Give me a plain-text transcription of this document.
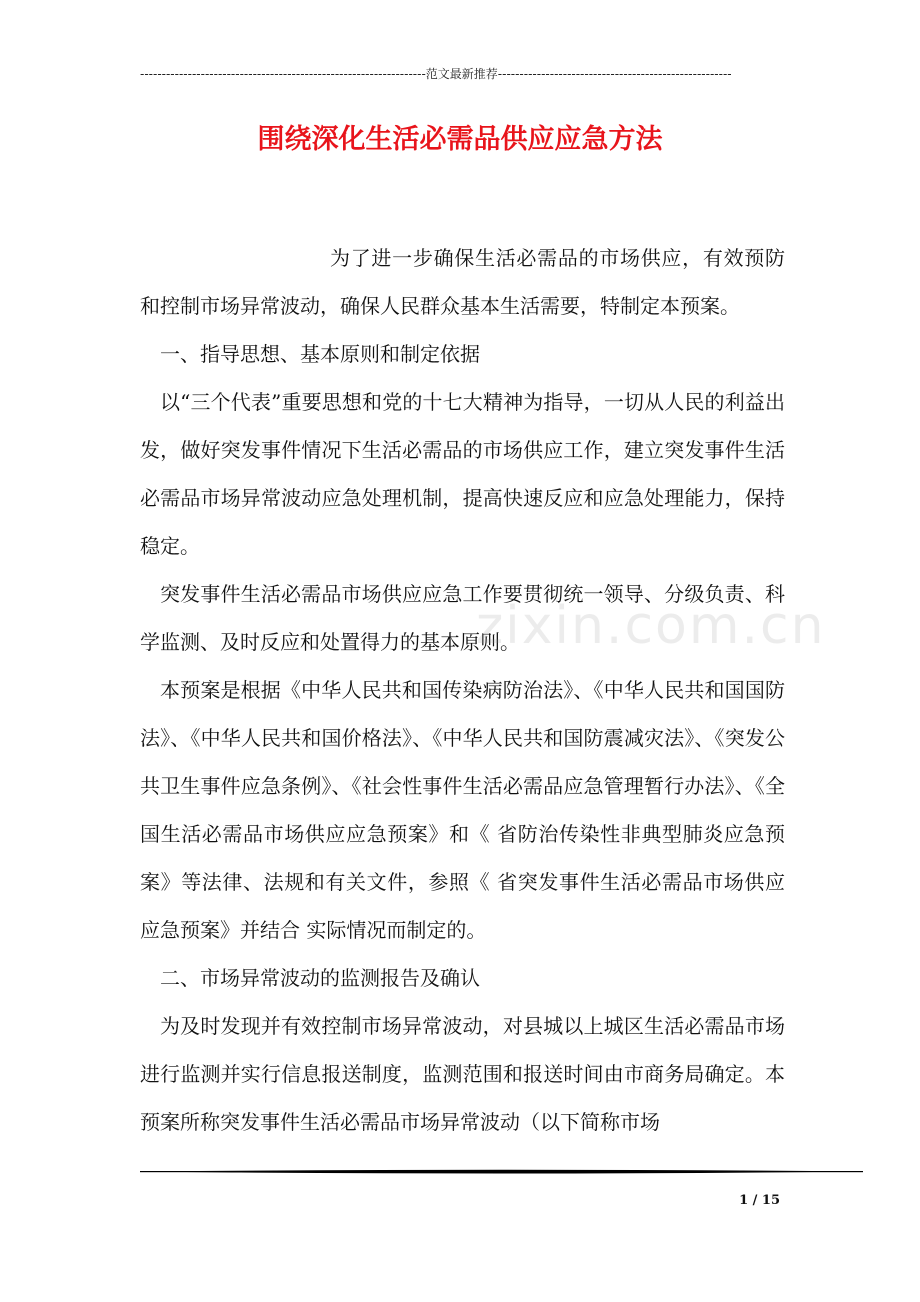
------------------------------------------------------------------范文最新推荐------------------------------------------------------
围绕深化生活必需品供应应急方法

为了进一步确保生活必需品的市场供应，有效预防和控制市场异常波动，确保人民群众基本生活需要，特制定本预案。

一、指导思想、基本原则和制定依据

以“三个代表”重要思想和党的十七大精神为指导，一切从人民的利益出发，做好突发事件情况下生活必需品的市场供应工作，建立突发事件生活必需品市场异常波动应急处理机制，提高快速反应和应急处理能力，保持稳定。

突发事件生活必需品市场供应应急工作要贯彻统一领导、分级负责、科学监测、及时反应和处置得力的基本原则。

本预案是根据《中华人民共和国传染病防治法》、《中华人民共和国国防法》、《中华人民共和国价格法》、《中华人民共和国防震减灾法》、《突发公共卫生事件应急条例》、《社会性事件生活必需品应急管理暂行办法》、《全国生活必需品市场供应应急预案》和《 省防治传染性非典型肺炎应急预案》等法律、法规和有关文件，参照《 省突发事件生活必需品市场供应应急预案》并结合 实际情况而制定的。

二、市场异常波动的监测报告及确认

为及时发现并有效控制市场异常波动，对县城以上城区生活必需品市场进行监测并实行信息报送制度，监测范围和报送时间由市商务局确定。本预案所称突发事件生活必需品市场异常波动（以下简称市场

zixin.com.cn
1 / 15
